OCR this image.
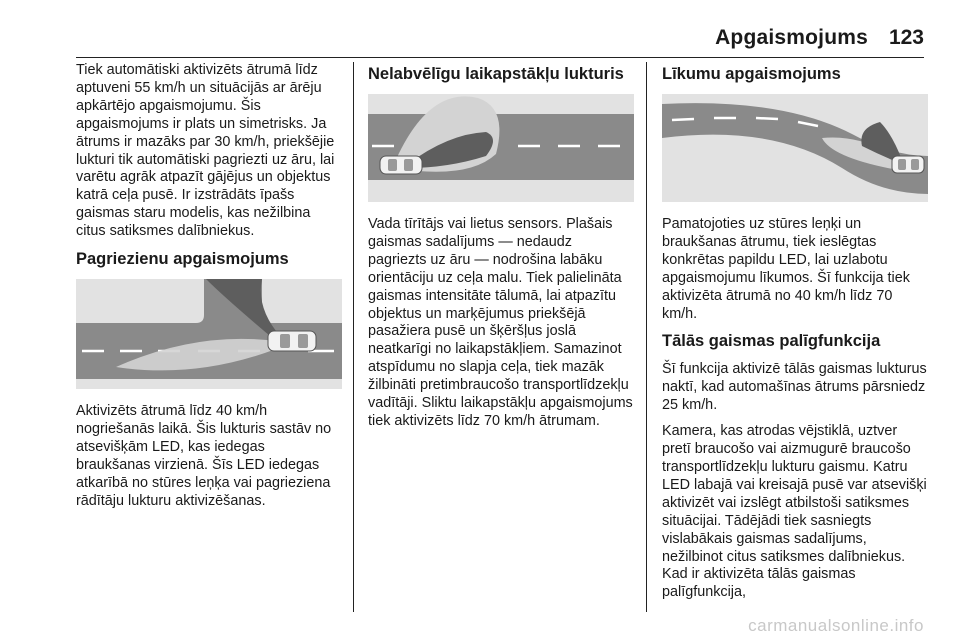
Apgaismojums 123

Tiek automātiski aktivizēts ātrumā līdz aptuveni 55 km/h un situācijās ar ārēju apkārtējo apgaismojumu. Šis apgaismojums ir plats un simetrisks. Ja ātrums ir mazāks par 30 km/h, priekšējie lukturi tik automātiski pagriezti uz āru, lai varētu agrāk atpazīt gājējus un objektus katrā ceļa pusē. Ir izstrādāts īpašs gaismas staru modelis, kas nežilbina citus satiksmes dalībniekus.

Pagriezienu apgaismojums

Aktivizēts ātrumā līdz 40 km/h nogriešanās laikā. Šis lukturis sastāv no atsevišķām LED, kas iedegas braukšanas virzienā. Šīs LED iedegas atkarībā no stūres leņķa vai pagrieziena rādītāju lukturu aktivizēšanas.

Nelabvēlīgu laikapstākļu lukturis

Vada tīrītājs vai lietus sensors. Plašais gaismas sadalījums — nedaudz pagriezts uz āru — nodrošina labāku orientāciju uz ceļa malu. Tiek palielināta gaismas intensitāte tālumā, lai atpazītu objektus un marķējumus priekšējā pasažiera pusē un šķēršļus joslā neatkarīgi no laikapstākļiem. Samazinot atspīdumu no slapja ceļa, tiek mazāk žilbināti pretimbraucošo transportlīdzekļu vadītāji. Sliktu laikapstākļu apgaismojums tiek aktivizēts līdz 70 km/h ātrumam.

Līkumu apgaismojums

Pamatojoties uz stūres leņķi un braukšanas ātrumu, tiek ieslēgtas konkrētas papildu LED, lai uzlabotu apgaismojumu līkumos. Šī funkcija tiek aktivizēta ātrumā no 40 km/h līdz 70 km/h.

Tālās gaismas palīgfunkcija

Šī funkcija aktivizē tālās gaismas lukturus naktī, kad automašīnas ātrums pārsniedz 25 km/h.

Kamera, kas atrodas vējstiklā, uztver pretī braucošo vai aizmugurē braucošo transportlīdzekļu lukturu gaismu. Katru LED labajā vai kreisajā pusē var atsevišķi aktivizēt vai izslēgt atbilstoši satiksmes situācijai. Tādējādi tiek sasniegts vislabākais gaismas sadalījums, nežilbinot citus satiksmes dalībniekus. Kad ir aktivizēta tālās gaismas palīgfunkcija,

carmanualsonline.info
